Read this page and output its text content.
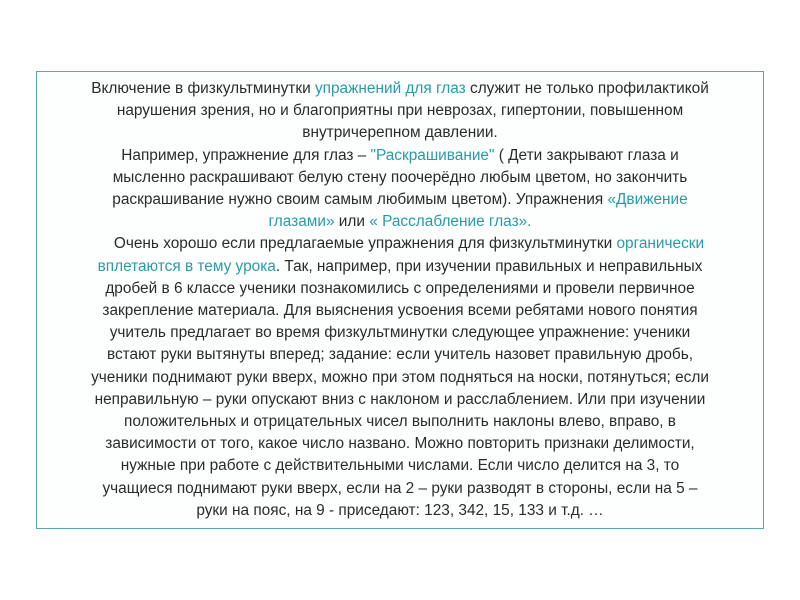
Включение в физкультминутки упражнений для глаз служит не только профилактикой
нарушения зрения, но и благоприятны при неврозах, гипертонии, повышенном
внутричерепном давлении.
Например, упражнение для глаз – "Раскрашивание" ( Дети закрывают глаза и
мысленно раскрашивают белую стену поочерёдно любым цветом, но закончить
раскрашивание нужно своим самым любимым цветом). Упражнения «Движение
глазами» или « Расслабление глаз».
Очень хорошо если предлагаемые упражнения для физкультминутки органически
вплетаются в тему урока. Так, например, при изучении правильных и неправильных
дробей в 6 классе ученики познакомились с определениями и провели первичное
закрепление материала. Для выяснения усвоения всеми ребятами нового понятия
учитель предлагает во время физкультминутки следующее упражнение: ученики
встают руки вытянуты вперед; задание: если учитель назовет правильную дробь,
ученики поднимают руки вверх, можно при этом подняться на носки, потянуться; если
неправильную – руки опускают вниз с наклоном и расслаблением. Или при изучении
положительных и отрицательных чисел выполнить наклоны влево, вправо, в
зависимости от того, какое число названо. Можно повторить признаки делимости,
нужные при работе с действительными числами. Если число делится на 3, то
учащиеся поднимают руки вверх, если на 2 – руки разводят в стороны, если на 5 –
руки на пояс, на 9 - приседают: 123, 342, 15, 133 и т.д. …
